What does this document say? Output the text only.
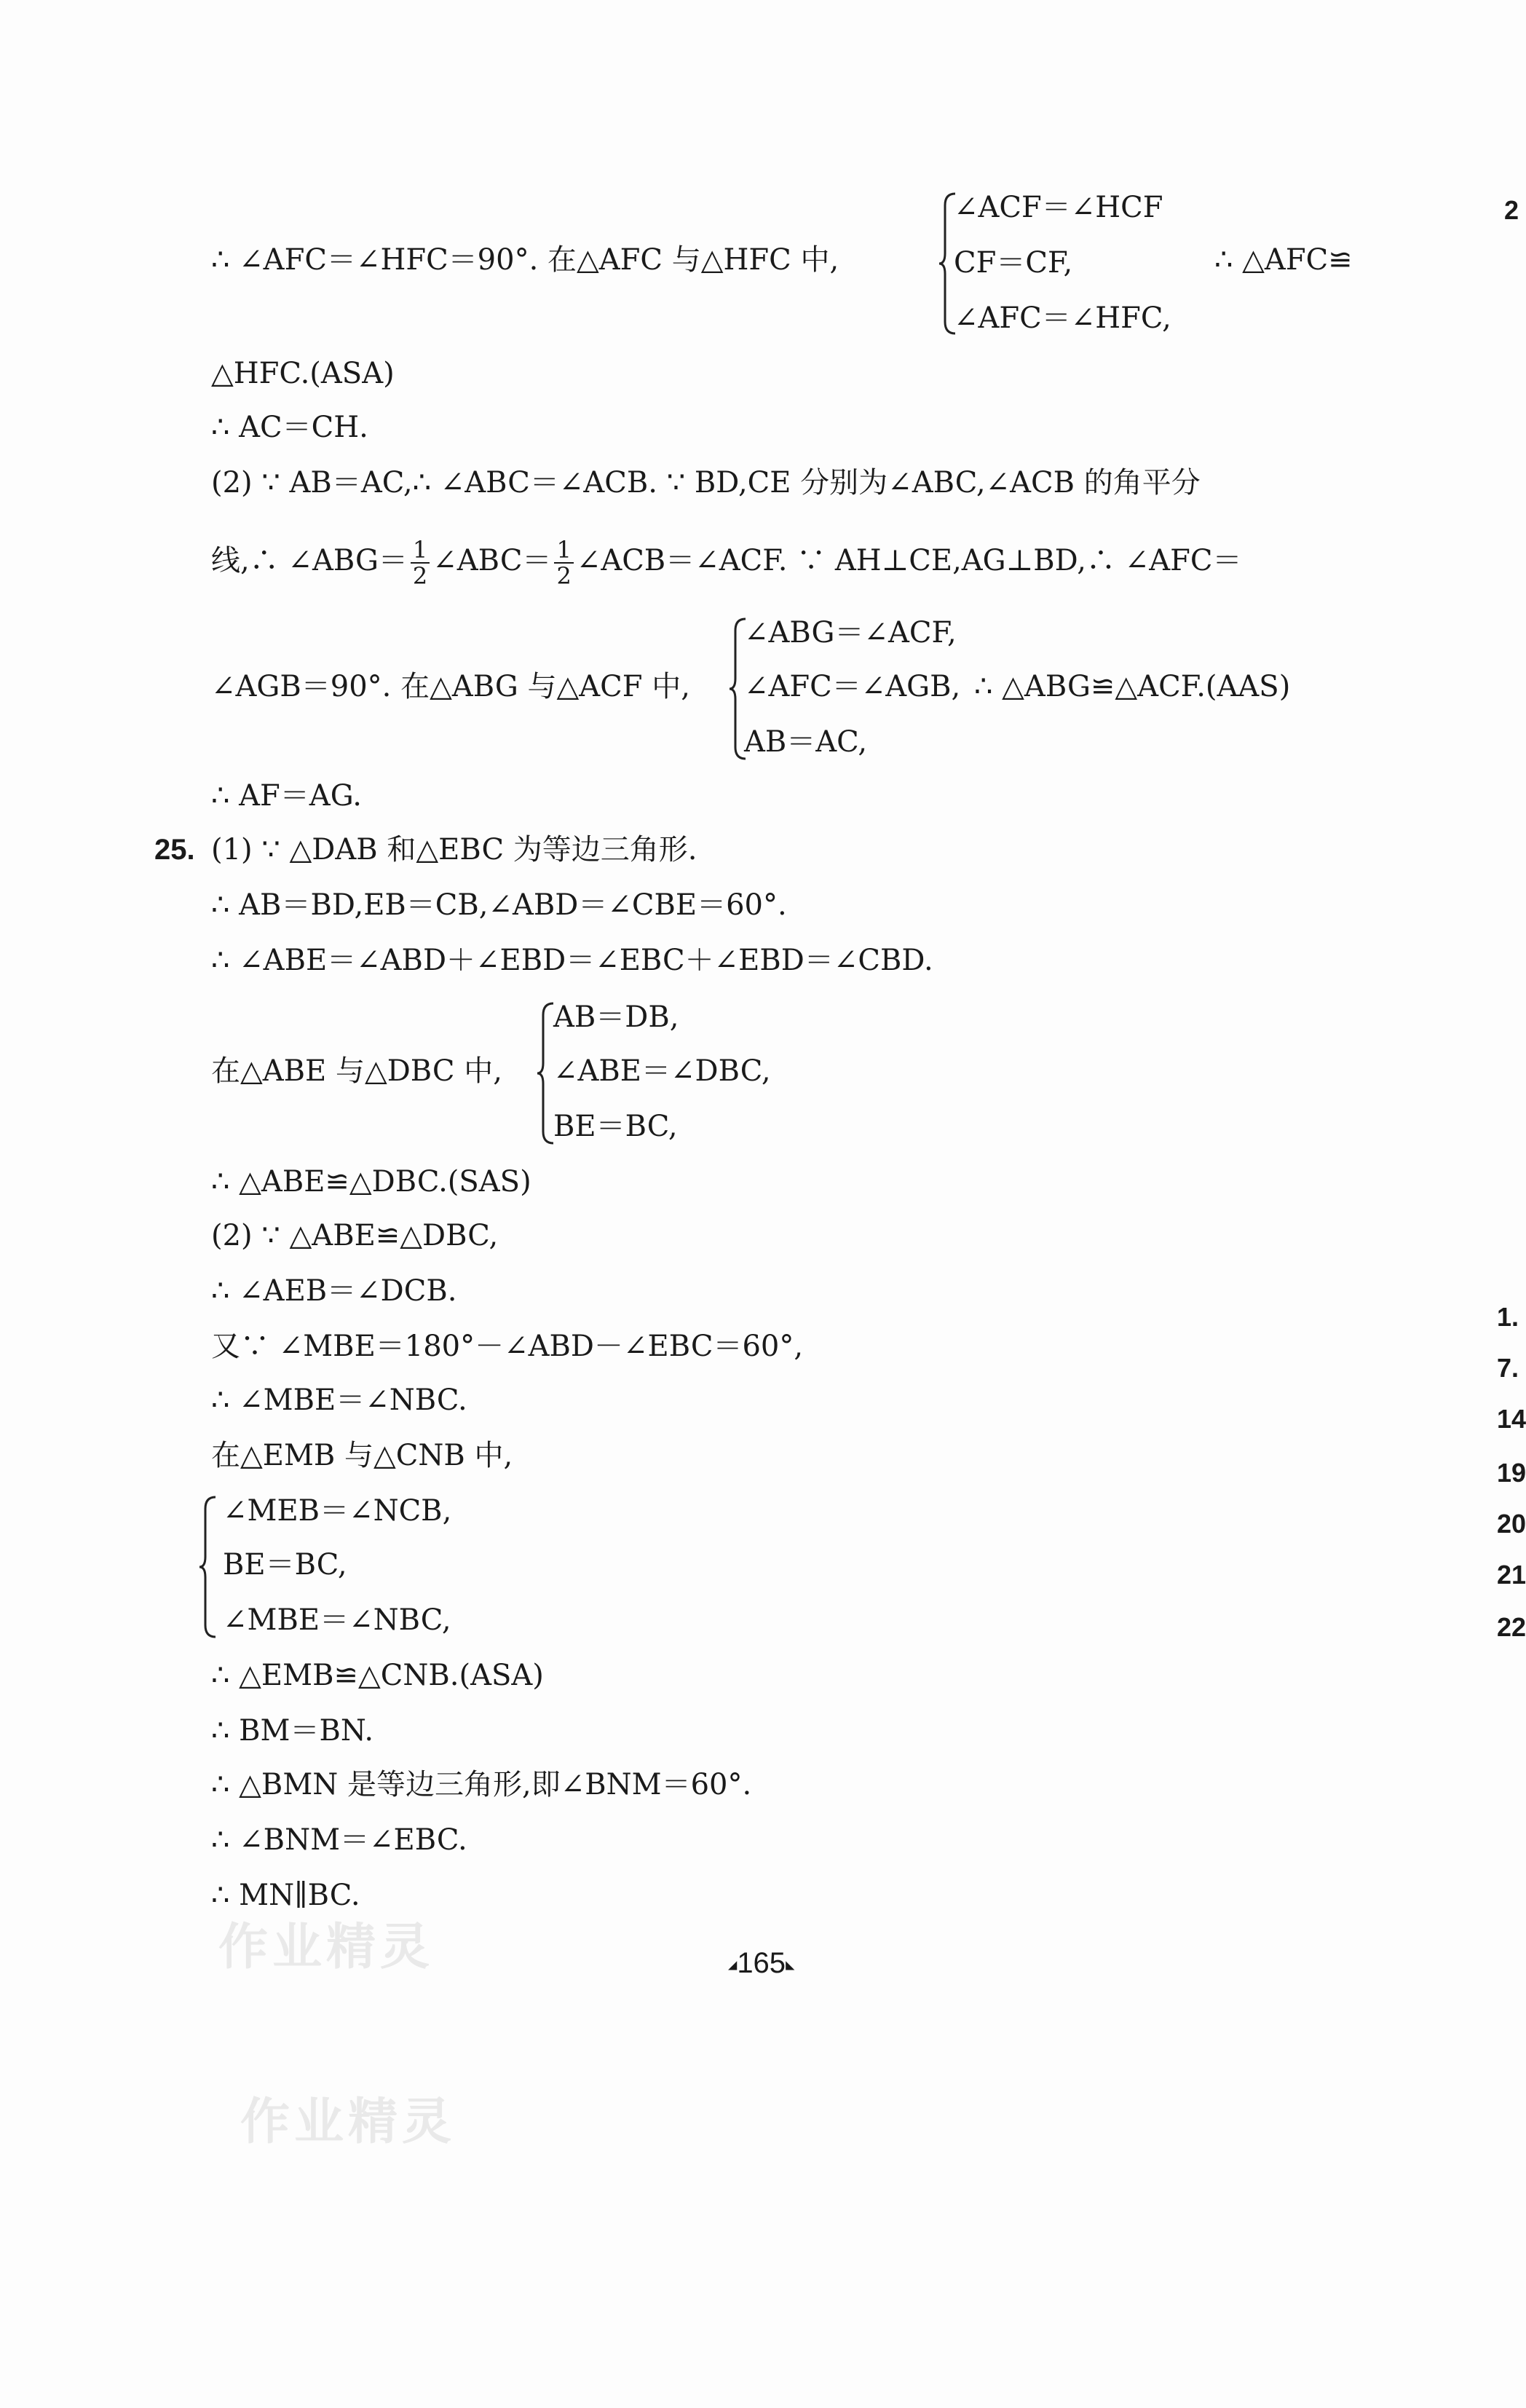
作业精灵
作业精灵
∴ ∠AFC＝∠HFC＝90°. 在△AFC 与△HFC 中,
∠ACF＝∠HCF
CF＝CF,
∠AFC＝∠HFC,
∴ △AFC≌
△HFC.(ASA)
∴ AC＝CH.
(2) ∵ AB＝AC,∴ ∠ABC＝∠ACB. ∵ BD,CE 分别为∠ABC,∠ACB 的角平分
线,∴ ∠ABG＝ $\frac{1}{2}$ ∠ABC＝ $\frac{1}{2}$ ∠ACB＝∠ACF. ∵ AH⊥CE,AG⊥BD,∴ ∠AFC＝
∠AGB＝90°. 在△ABG 与△ACF 中,
∠ABG＝∠ACF,
∠AFC＝∠AGB,
AB＝AC,
∴ △ABG≌△ACF.(AAS)
∴ AF＝AG.
25. (1) ∵ △DAB 和△EBC 为等边三角形.
∴ AB＝BD,EB＝CB,∠ABD＝∠CBE＝60°.
∴ ∠ABE＝∠ABD＋∠EBD＝∠EBC＋∠EBD＝∠CBD.
在△ABE 与△DBC 中,
AB＝DB,
∠ABE＝∠DBC,
BE＝BC,
∴ △ABE≌△DBC.(SAS)
(2) ∵ △ABE≌△DBC,
∴ ∠AEB＝∠DCB.
又∵ ∠MBE＝180°－∠ABD－∠EBC＝60°,
∴ ∠MBE＝∠NBC.
在△EMB 与△CNB 中,
∠MEB＝∠NCB,
BE＝BC,
∠MBE＝∠NBC,
∴ △EMB≌△CNB.(ASA)
∴ BM＝BN.
∴ △BMN 是等边三角形,即∠BNM＝60°.
∴ ∠BNM＝∠EBC.
∴ MN∥BC.
◢165◣
2
1.
7.
14
19
20
21
22
